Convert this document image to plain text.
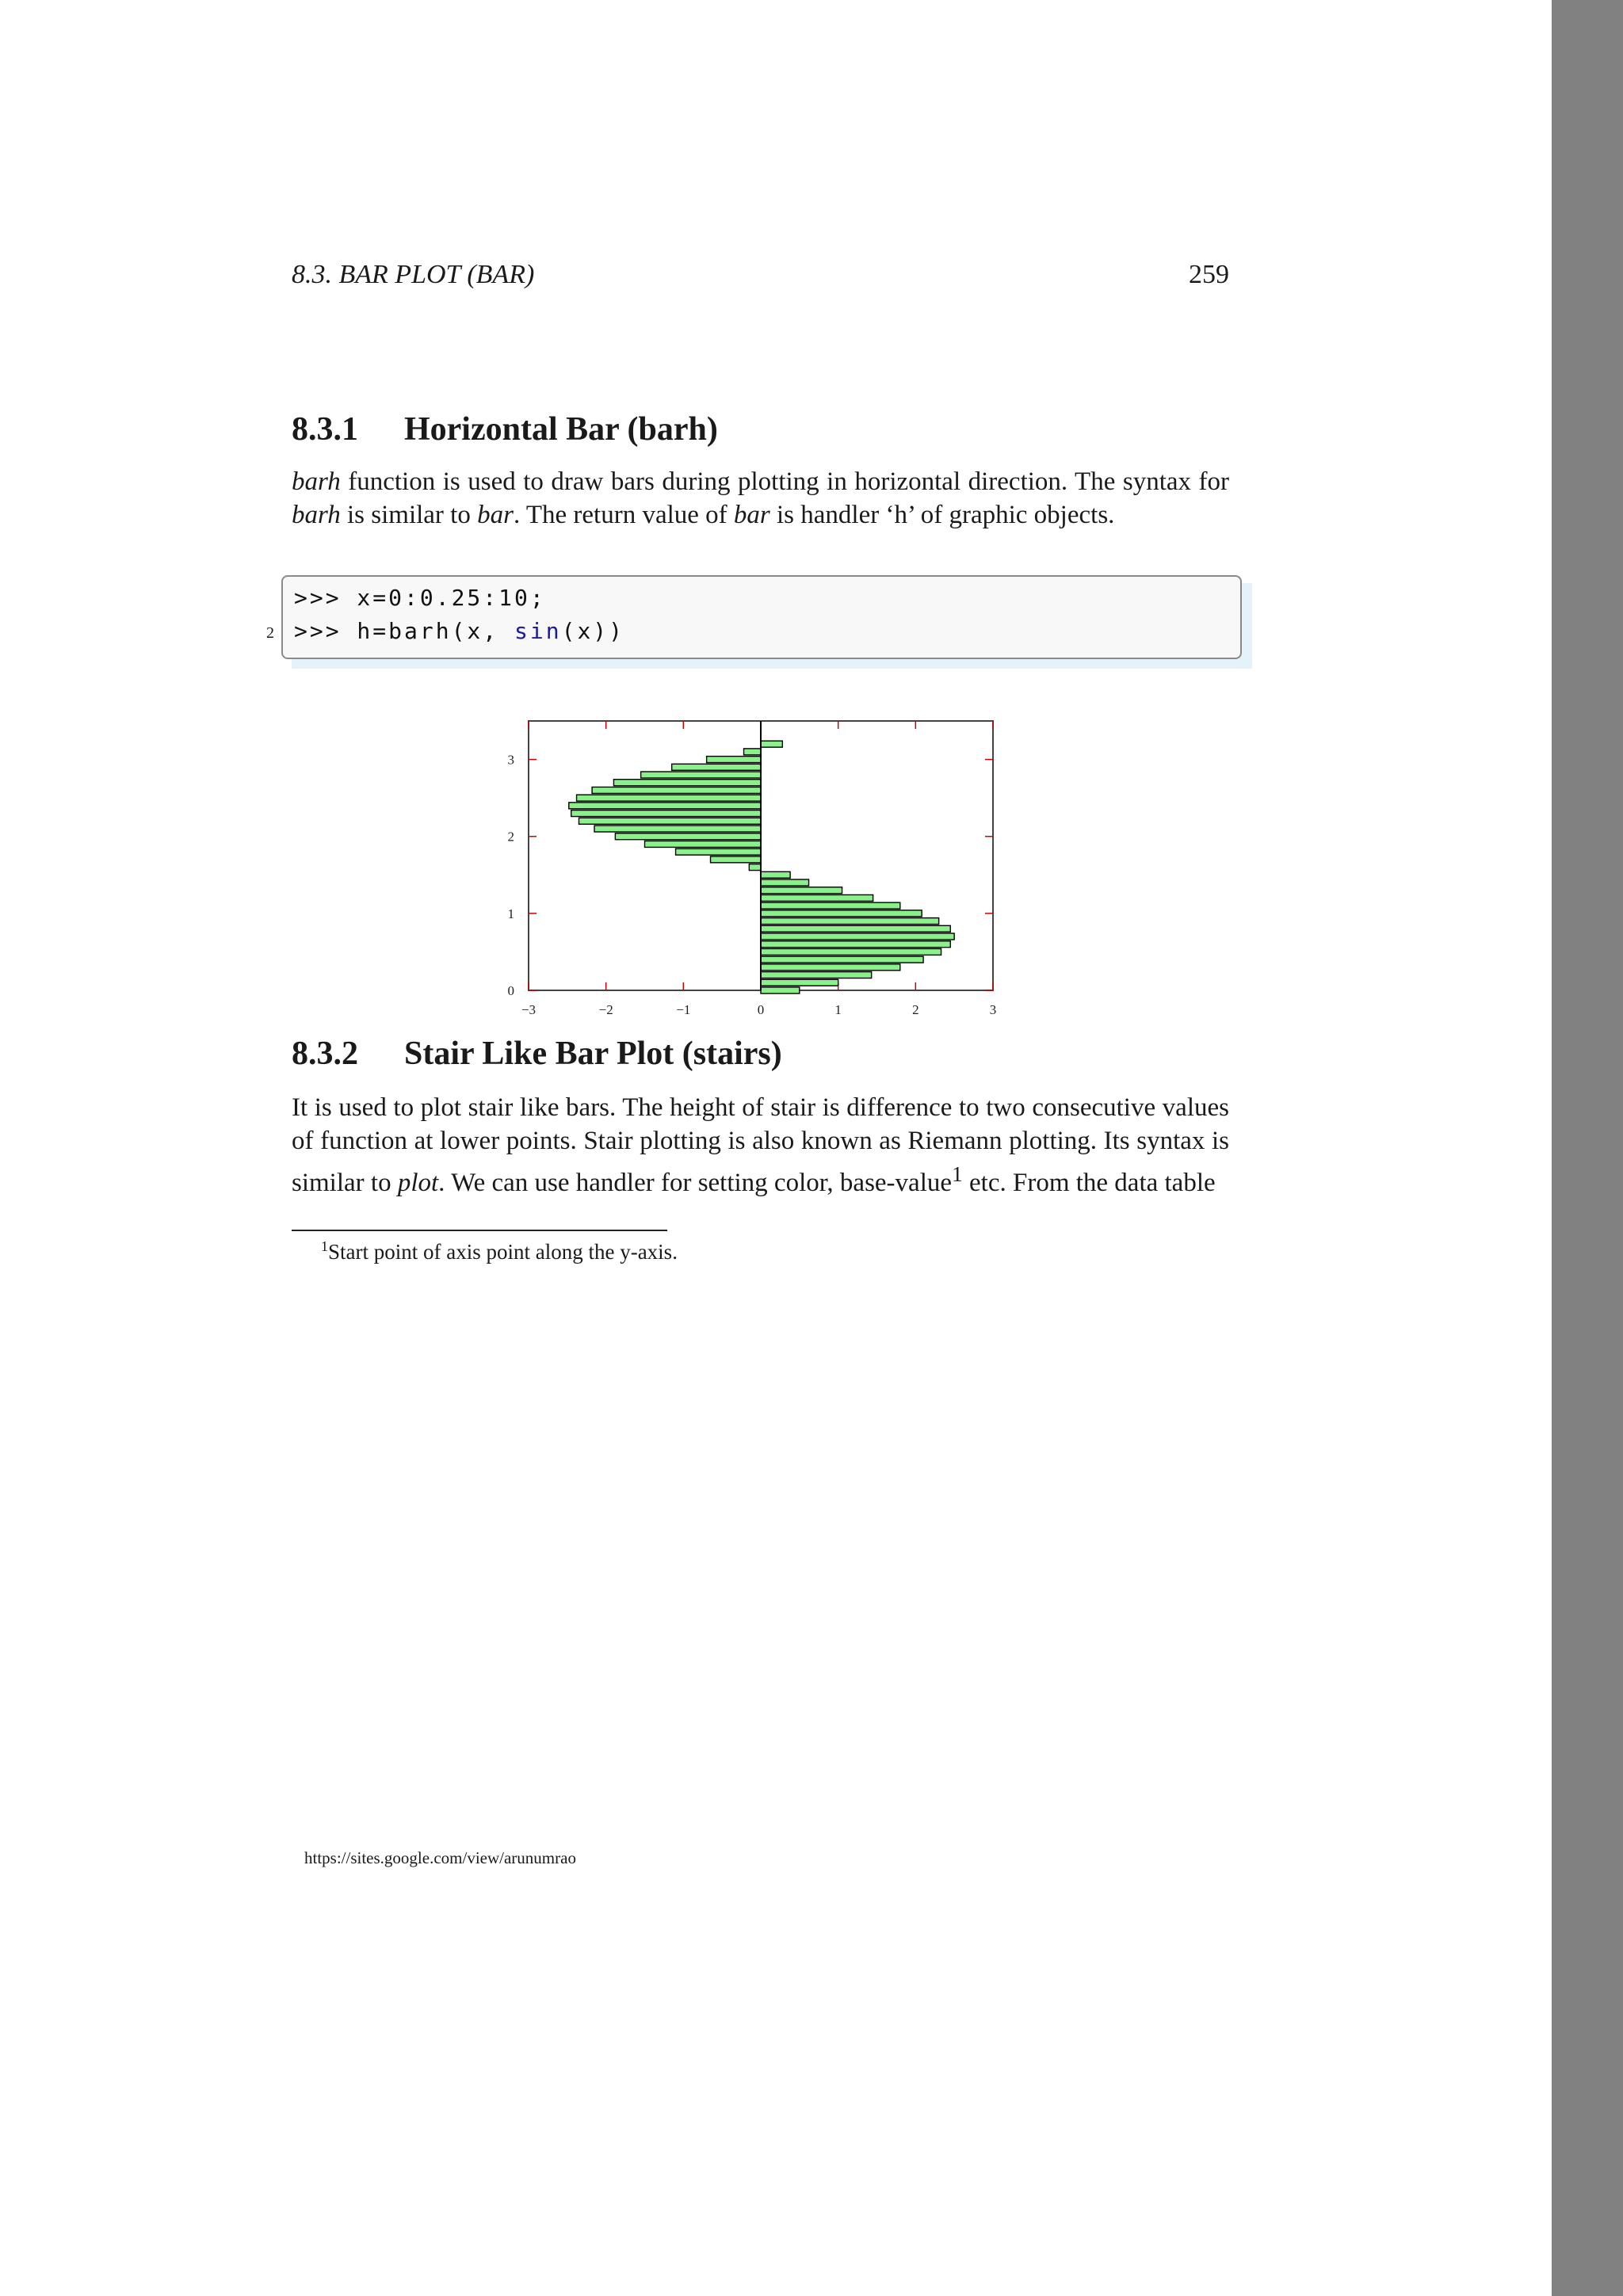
8.3. BAR PLOT (BAR)	259
8.3.1 Horizontal Bar (barh)

barh function is used to draw bars during plotting in horizontal direction. The syntax for barh is similar to bar. The return value of bar is handler ‘h’ of graphic objects.

>>> x=0:0.25:10;
>>> h=barh(x, sin(x))
2
−3	−2	−1	0	1	2	3
0
1
2
3
8.3.2 Stair Like Bar Plot (stairs)

It is used to plot stair like bars. The height of stair is difference to two consecutive values of function at lower points. Stair plotting is also known as Riemann plotting. Its syntax is similar to plot. We can use handler for setting color, base-value$^1$ etc. From the data table

$^1$Start point of axis point along the y-axis.
https://sites.google.com/view/arunumrao
